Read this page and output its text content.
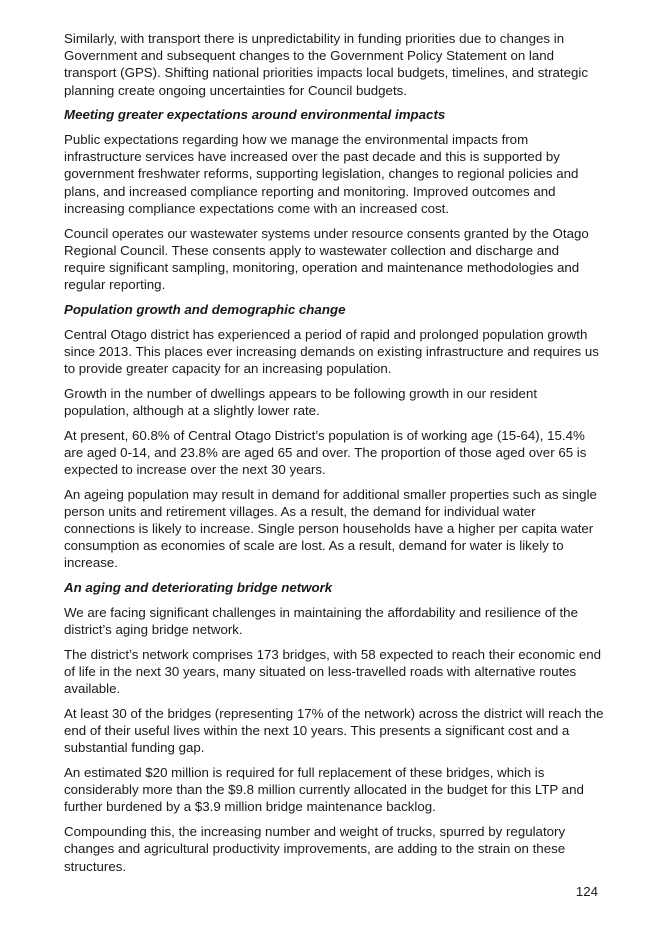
Similarly, with transport there is unpredictability in funding priorities due to changes in Government and subsequent changes to the Government Policy Statement on land transport (GPS). Shifting national priorities impacts local budgets, timelines, and strategic planning create ongoing uncertainties for Council budgets.

Meeting greater expectations around environmental impacts

Public expectations regarding how we manage the environmental impacts from infrastructure services have increased over the past decade and this is supported by government freshwater reforms, supporting legislation, changes to regional policies and plans, and increased compliance reporting and monitoring. Improved outcomes and increasing compliance expectations come with an increased cost.

Council operates our wastewater systems under resource consents granted by the Otago Regional Council. These consents apply to wastewater collection and discharge and require significant sampling, monitoring, operation and maintenance methodologies and regular reporting.

Population growth and demographic change

Central Otago district has experienced a period of rapid and prolonged population growth since 2013. This places ever increasing demands on existing infrastructure and requires us to provide greater capacity for an increasing population.

Growth in the number of dwellings appears to be following growth in our resident population, although at a slightly lower rate.

At present, 60.8% of Central Otago District’s population is of working age (15-64), 15.4% are aged 0-14, and 23.8% are aged 65 and over. The proportion of those aged over 65 is expected to increase over the next 30 years.

An ageing population may result in demand for additional smaller properties such as single person units and retirement villages. As a result, the demand for individual water connections is likely to increase. Single person households have a higher per capita water consumption as economies of scale are lost. As a result, demand for water is likely to increase.

An aging and deteriorating bridge network

We are facing significant challenges in maintaining the affordability and resilience of the district’s aging bridge network.

The district’s network comprises 173 bridges, with 58 expected to reach their economic end of life in the next 30 years, many situated on less-travelled roads with alternative routes available.

At least 30 of the bridges (representing 17% of the network) across the district will reach the end of their useful lives within the next 10 years. This presents a significant cost and a substantial funding gap.

An estimated $20 million is required for full replacement of these bridges, which is considerably more than the $9.8 million currently allocated in the budget for this LTP and further burdened by a $3.9 million bridge maintenance backlog.

Compounding this, the increasing number and weight of trucks, spurred by regulatory changes and agricultural productivity improvements, are adding to the strain on these structures.

124
